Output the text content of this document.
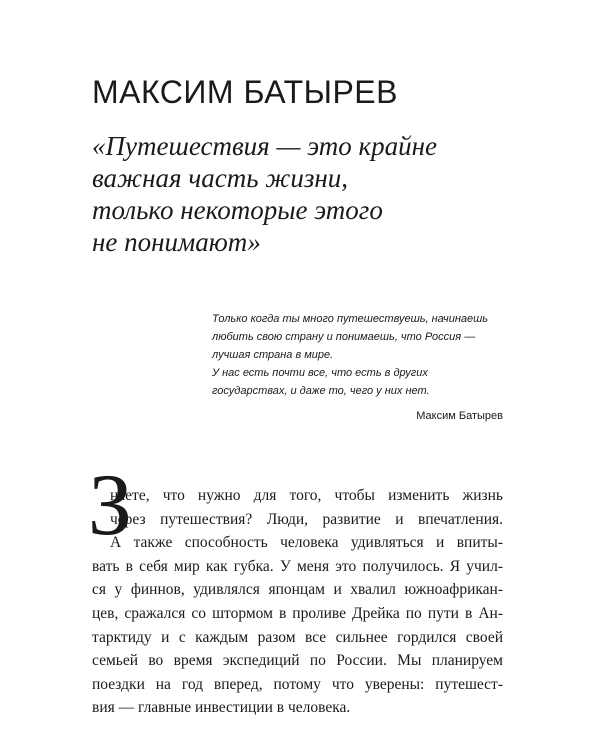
МАКСИМ БАТЫРЕВ
«Путешествия — это крайне
важная часть жизни,
только некоторые этого
не понимают»
Только когда ты много путешествуешь, начинаешь
любить свою страну и понимаешь, что Россия —
лучшая страна в мире.
У нас есть почти все, что есть в других
государствах, и даже то, чего у них нет.
Максим Батырев
З
наете, что нужно для того, чтобы изменить жизнь
через путешествия? Люди, развитие и впечатления.
А также способность человека удивляться и впиты-
вать в себя мир как губка. У меня это получилось. Я учил-
ся у финнов, удивлялся японцам и хвалил южноафрикан-
цев, сражался со штормом в проливе Дрейка по пути в Ан-
тарктиду и с каждым разом все сильнее гордился своей
семьей во время экспедиций по России. Мы планируем
поездки на год вперед, потому что уверены: путешест-
вия — главные инвестиции в человека.
